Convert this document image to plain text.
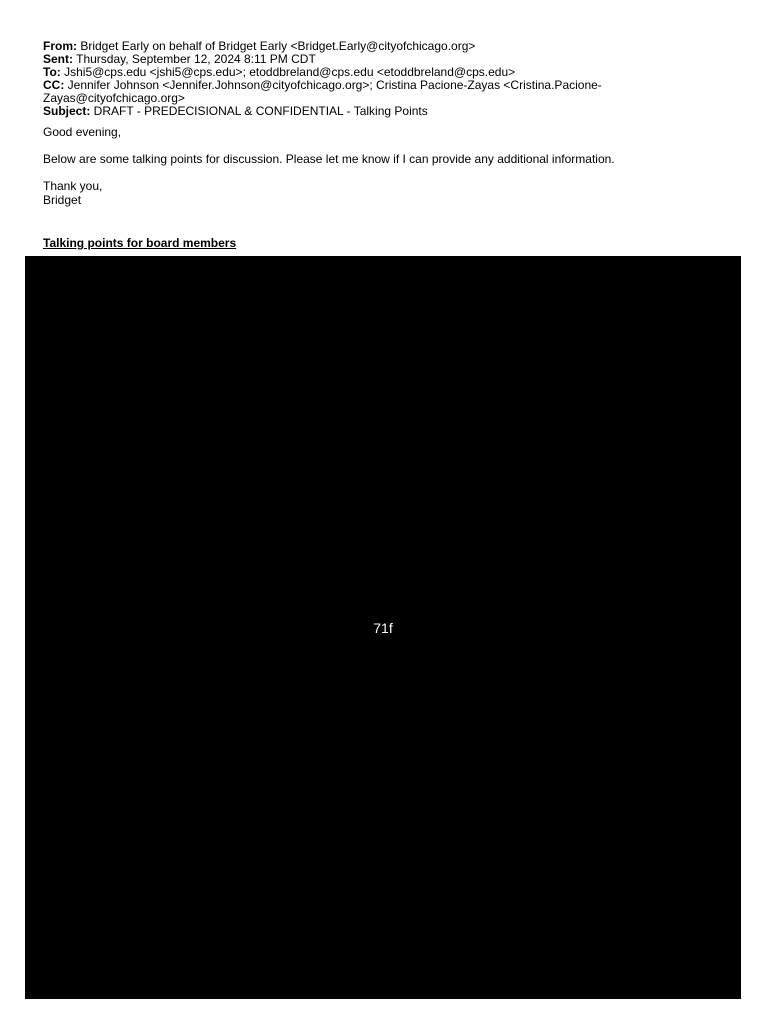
From: Bridget Early on behalf of Bridget Early <Bridget.Early@cityofchicago.org>

Sent: Thursday, September 12, 2024 8:11 PM CDT

To: Jshi5@cps.edu <jshi5@cps.edu>; etoddbreland@cps.edu <etoddbreland@cps.edu>

CC: Jennifer Johnson <Jennifer.Johnson@cityofchicago.org>; Cristina Pacione-Zayas <Cristina.Pacione-Zayas@cityofchicago.org>

Subject: DRAFT - PREDECISIONAL & CONFIDENTIAL - Talking Points

Good evening,

Below are some talking points for discussion. Please let me know if I can provide any additional information.

Thank you,

Bridget

Talking points for board members
71f
